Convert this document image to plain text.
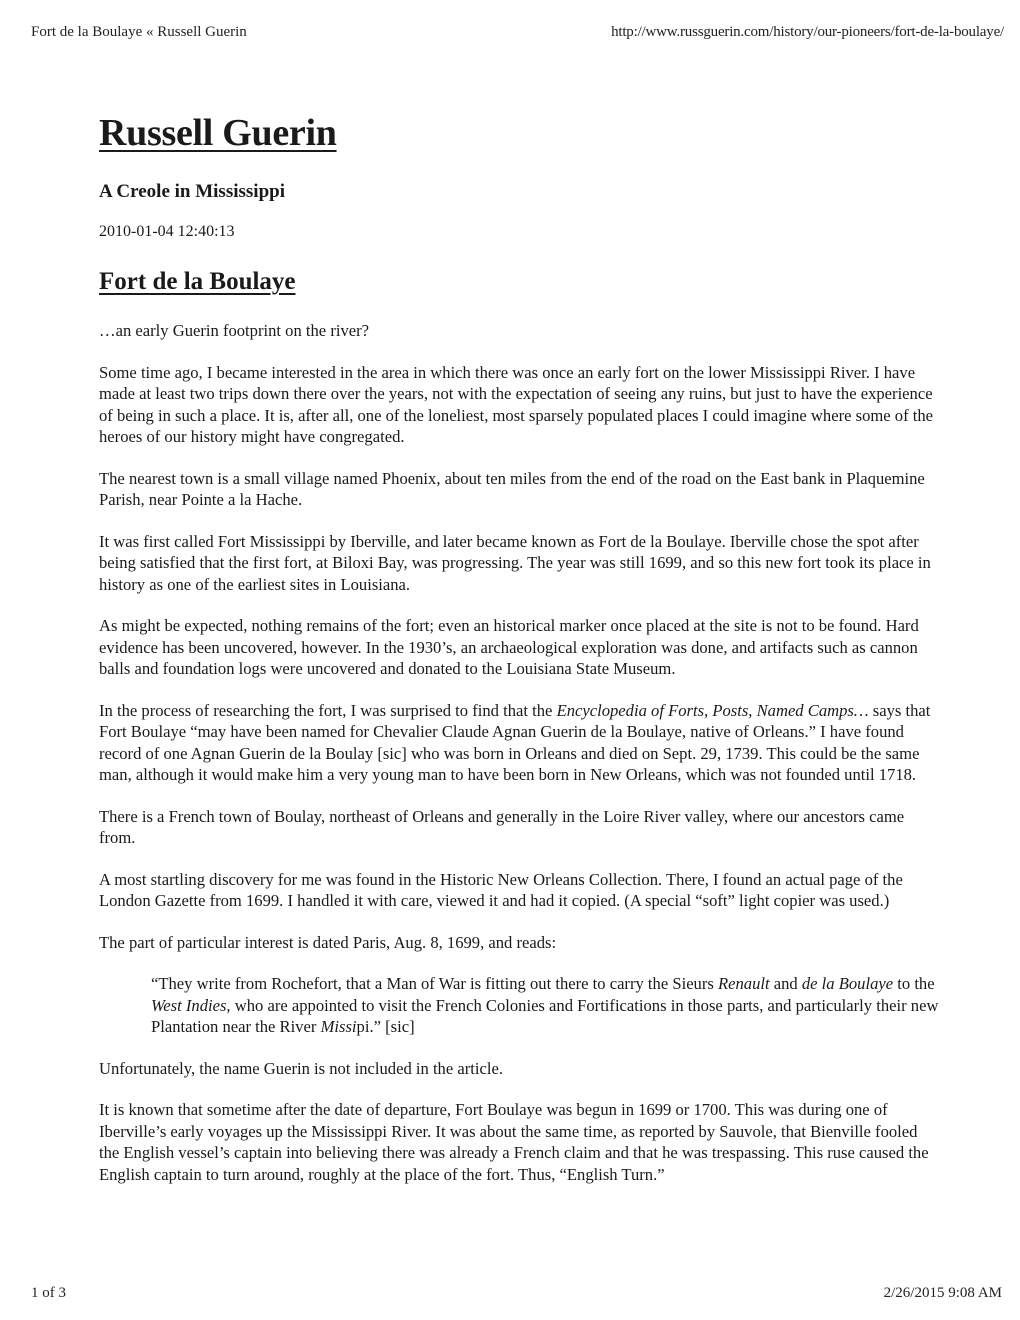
Fort de la Boulaye « Russell Guerin	http://www.russguerin.com/history/our-pioneers/fort-de-la-boulaye/
Russell Guerin
A Creole in Mississippi
2010-01-04 12:40:13
Fort de la Boulaye

…an early Guerin footprint on the river?

Some time ago, I became interested in the area in which there was once an early fort on the lower Mississippi River. I have made at least two trips down there over the years, not with the expectation of seeing any ruins, but just to have the experience of being in such a place. It is, after all, one of the loneliest, most sparsely populated places I could imagine where some of the heroes of our history might have congregated.

The nearest town is a small village named Phoenix, about ten miles from the end of the road on the East bank in Plaquemine Parish, near Pointe a la Hache.

It was first called Fort Mississippi by Iberville, and later became known as Fort de la Boulaye. Iberville chose the spot after being satisfied that the first fort, at Biloxi Bay, was progressing. The year was still 1699, and so this new fort took its place in history as one of the earliest sites in Louisiana.

As might be expected, nothing remains of the fort; even an historical marker once placed at the site is not to be found. Hard evidence has been uncovered, however. In the 1930’s, an archaeological exploration was done, and artifacts such as cannon balls and foundation logs were uncovered and donated to the Louisiana State Museum.

In the process of researching the fort, I was surprised to find that the Encyclopedia of Forts, Posts, Named Camps… says that Fort Boulaye “may have been named for Chevalier Claude Agnan Guerin de la Boulaye, native of Orleans.” I have found record of one Agnan Guerin de la Boulay [sic] who was born in Orleans and died on Sept. 29, 1739. This could be the same man, although it would make him a very young man to have been born in New Orleans, which was not founded until 1718.

There is a French town of Boulay, northeast of Orleans and generally in the Loire River valley, where our ancestors came from.

A most startling discovery for me was found in the Historic New Orleans Collection. There, I found an actual page of the London Gazette from 1699. I handled it with care, viewed it and had it copied. (A special “soft” light copier was used.)

The part of particular interest is dated Paris, Aug. 8, 1699, and reads:

“They write from Rochefort, that a Man of War is fitting out there to carry the Sieurs Renault and de la Boulaye to the West Indies, who are appointed to visit the French Colonies and Fortifications in those parts, and particularly their new Plantation near the River Missipi.” [sic]

Unfortunately, the name Guerin is not included in the article.

It is known that sometime after the date of departure, Fort Boulaye was begun in 1699 or 1700. This was during one of Iberville’s early voyages up the Mississippi River. It was about the same time, as reported by Sauvole, that Bienville fooled the English vessel’s captain into believing there was already a French claim and that he was trespassing. This ruse caused the English captain to turn around, roughly at the place of the fort. Thus, “English Turn.”

1 of 3	2/26/2015 9:08 AM
